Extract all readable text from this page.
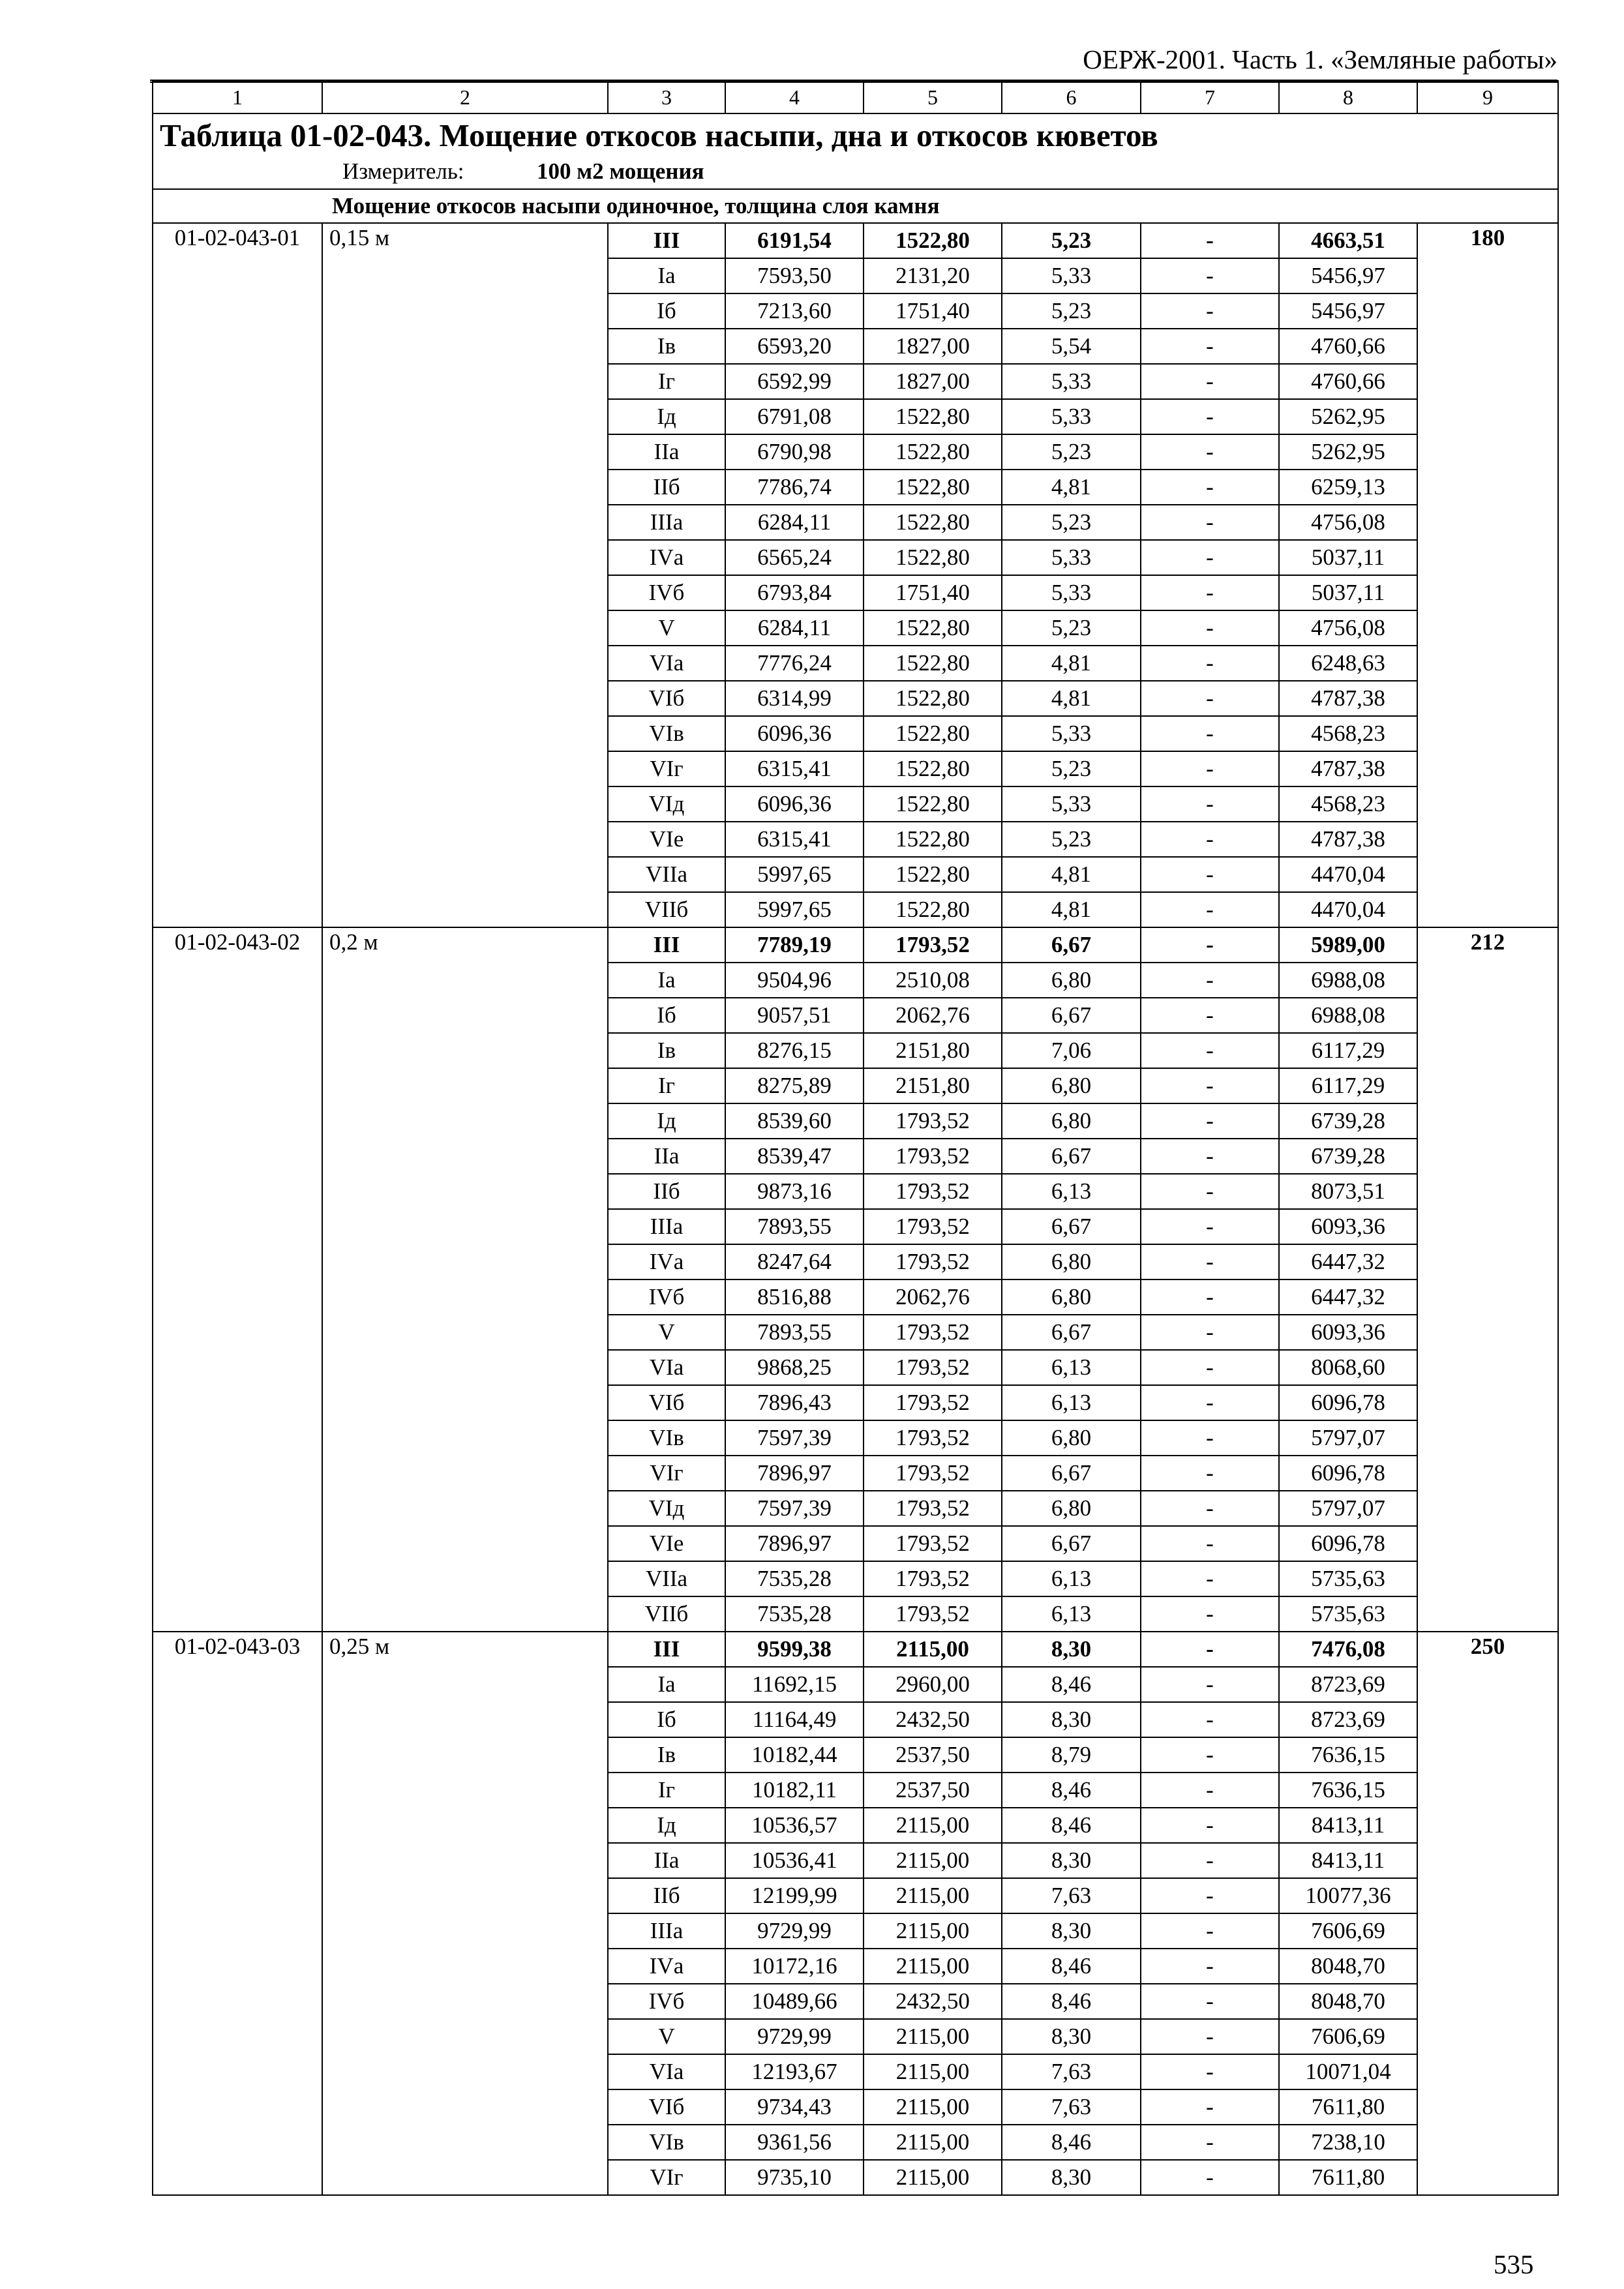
ОЕРЖ-2001. Часть 1. «Земляные работы»
1	2	3	4	5	6	7	8	9

Таблица 01-02-043. Мощение откосов насыпи, дна и откосов кюветов
Измеритель: 100 м2 мощения								

Мощение откосов насыпи одиночное, толщина слоя камня								
01-02-043-01	0,15 м	III	6191,54	1522,80	5,23	-	4663,51	180
		Iа	7593,50	2131,20	5,33	-	5456,97	
		Iб	7213,60	1751,40	5,23	-	5456,97	
		Iв	6593,20	1827,00	5,54	-	4760,66	
		Iг	6592,99	1827,00	5,33	-	4760,66	
		Iд	6791,08	1522,80	5,33	-	5262,95	
		IIа	6790,98	1522,80	5,23	-	5262,95	
		IIб	7786,74	1522,80	4,81	-	6259,13	
		IIIа	6284,11	1522,80	5,23	-	4756,08	
		IVа	6565,24	1522,80	5,33	-	5037,11	
		IVб	6793,84	1751,40	5,33	-	5037,11	
		V	6284,11	1522,80	5,23	-	4756,08	
		VIа	7776,24	1522,80	4,81	-	6248,63	
		VIб	6314,99	1522,80	4,81	-	4787,38	
		VIв	6096,36	1522,80	5,33	-	4568,23	
		VIг	6315,41	1522,80	5,23	-	4787,38	
		VIд	6096,36	1522,80	5,33	-	4568,23	
		VIе	6315,41	1522,80	5,23	-	4787,38	
		VIIа	5997,65	1522,80	4,81	-	4470,04	
		VIIб	5997,65	1522,80	4,81	-	4470,04	
01-02-043-02	0,2 м	III	7789,19	1793,52	6,67	-	5989,00	212
		Iа	9504,96	2510,08	6,80	-	6988,08	
		Iб	9057,51	2062,76	6,67	-	6988,08	
		Iв	8276,15	2151,80	7,06	-	6117,29	
		Iг	8275,89	2151,80	6,80	-	6117,29	
		Iд	8539,60	1793,52	6,80	-	6739,28	
		IIа	8539,47	1793,52	6,67	-	6739,28	
		IIб	9873,16	1793,52	6,13	-	8073,51	
		IIIа	7893,55	1793,52	6,67	-	6093,36	
		IVа	8247,64	1793,52	6,80	-	6447,32	
		IVб	8516,88	2062,76	6,80	-	6447,32	
		V	7893,55	1793,52	6,67	-	6093,36	
		VIа	9868,25	1793,52	6,13	-	8068,60	
		VIб	7896,43	1793,52	6,13	-	6096,78	
		VIв	7597,39	1793,52	6,80	-	5797,07	
		VIг	7896,97	1793,52	6,67	-	6096,78	
		VIд	7597,39	1793,52	6,80	-	5797,07	
		VIе	7896,97	1793,52	6,67	-	6096,78	
		VIIа	7535,28	1793,52	6,13	-	5735,63	
		VIIб	7535,28	1793,52	6,13	-	5735,63	
01-02-043-03	0,25 м	III	9599,38	2115,00	8,30	-	7476,08	250
		Iа	11692,15	2960,00	8,46	-	8723,69	
		Iб	11164,49	2432,50	8,30	-	8723,69	
		Iв	10182,44	2537,50	8,79	-	7636,15	
		Iг	10182,11	2537,50	8,46	-	7636,15	
		Iд	10536,57	2115,00	8,46	-	8413,11	
		IIа	10536,41	2115,00	8,30	-	8413,11	
		IIб	12199,99	2115,00	7,63	-	10077,36	
		IIIа	9729,99	2115,00	8,30	-	7606,69	
		IVа	10172,16	2115,00	8,46	-	8048,70	
		IVб	10489,66	2432,50	8,46	-	8048,70	
		V	9729,99	2115,00	8,30	-	7606,69	
		VIа	12193,67	2115,00	7,63	-	10071,04	
		VIб	9734,43	2115,00	7,63	-	7611,80	
		VIв	9361,56	2115,00	8,46	-	7238,10	
		VIг	9735,10	2115,00	8,30	-	7611,80	
535
